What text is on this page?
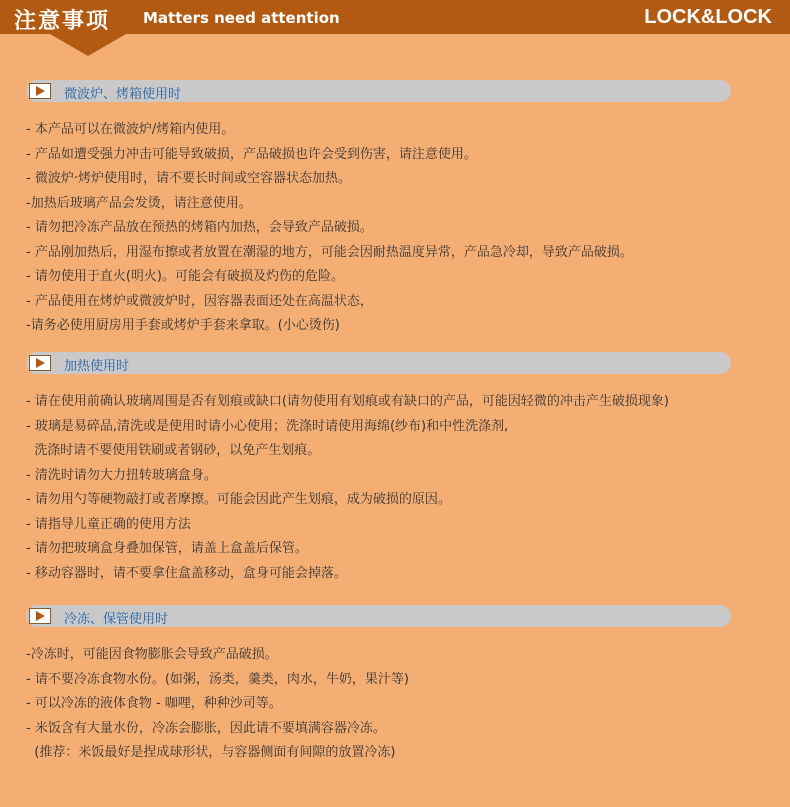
注意事项 Matters need attention	LOCK&LOCK
微波炉、烤箱使用时
- 本产品可以在微波炉/烤箱内使用。
- 产品如遭受强力冲击可能导致破损，产品破损也许会受到伤害，请注意使用。
- 微波炉·烤炉使用时，请不要长时间或空容器状态加热。
-加热后玻璃产品会发烫，请注意使用。
- 请勿把冷冻产品放在预热的烤箱内加热，会导致产品破损。
- 产品刚加热后，用湿布擦或者放置在潮湿的地方，可能会因耐热温度异常，产品急冷却，导致产品破损。
- 请勿使用于直火(明火)。可能会有破损及灼伤的危险。
- 产品使用在烤炉或微波炉时，因容器表面还处在高温状态，
-请务必使用厨房用手套或烤炉手套来拿取。(小心烫伤)
加热使用时
- 请在使用前确认玻璃周围是否有划痕或缺口(请勿使用有划痕或有缺口的产品，可能因轻微的冲击产生破损现象)
- 玻璃是易碎品,清洗或是使用时请小心使用；洗涤时请使用海绵(纱布)和中性洗涤剂,
洗涤时请不要使用铁刷或者钢砂，以免产生划痕。
- 清洗时请勿大力扭转玻璃盒身。
- 请勿用勺等硬物敲打或者摩擦。可能会因此产生划痕，成为破损的原因。
- 请指导儿童正确的使用方法
- 请勿把玻璃盒身叠加保管，请盖上盒盖后保管。
- 移动容器时，请不要拿住盒盖移动，盒身可能会掉落。
冷冻、保管使用时
-冷冻时，可能因食物膨胀会导致产品破损。
- 请不要冷冻食物水份。(如粥，汤类，羹类，肉水，牛奶，果汁等)
- 可以冷冻的液体食物 - 咖哩，种种沙司等。
- 米饭含有大量水份，冷冻会膨胀，因此请不要填满容器冷冻。
(推荐：米饭最好是捏成球形状，与容器侧面有间隙的放置冷冻)
